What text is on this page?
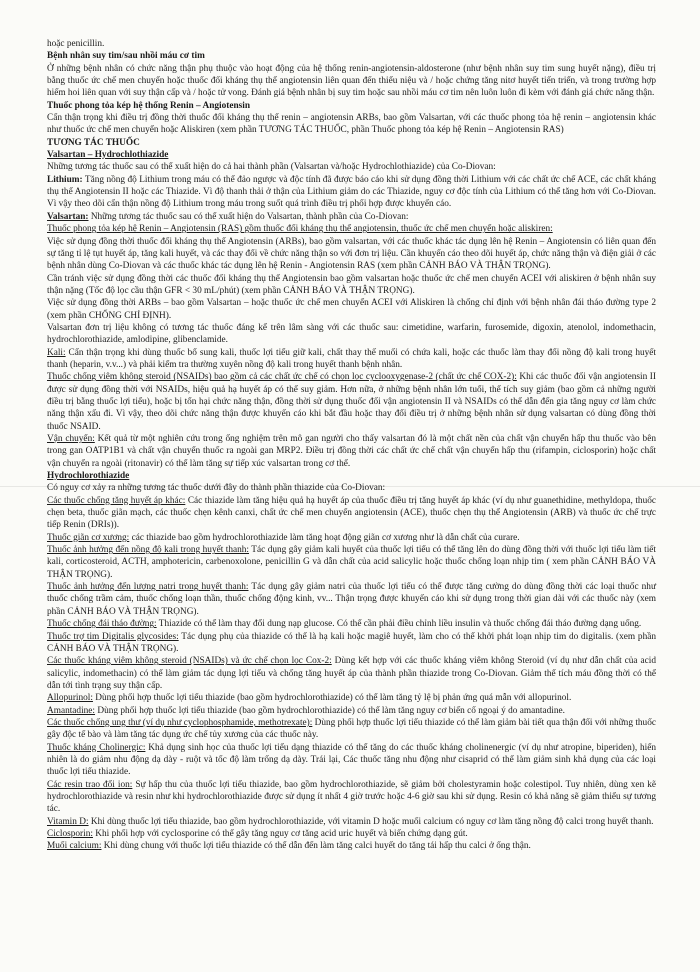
hoặc penicillin.

Bệnh nhân suy tim/sau nhồi máu cơ tim

Ở những bệnh nhân có chức năng thận phụ thuộc vào hoạt động của hệ thống renin-angiotensin-aldosterone (như bệnh nhân suy tim sung huyết nặng), điều trị bằng thuốc ức chế men chuyển hoặc thuốc đối kháng thụ thể angiotensin liên quan đến thiểu niệu và / hoặc chứng tăng nitơ huyết tiến triển, và trong trường hợp hiếm hoi liên quan với suy thận cấp và / hoặc tử vong. Đánh giá bệnh nhân bị suy tim hoặc sau nhồi máu cơ tim nên luôn luôn đi kèm với đánh giá chức năng thận.

Thuốc phong tỏa kép hệ thống Renin – Angiotensin

Cẩn thận trọng khi điều trị đồng thời thuốc đối kháng thụ thể renin – angiotensin ARBs, bao gồm Valsartan, với các thuốc phong tỏa hệ renin – angiotensin khác như thuốc ức chế men chuyển hoặc Aliskiren (xem phần TƯƠNG TÁC THUỐC, phần Thuốc phong tỏa kép hệ Renin – Angiotensin RAS)

TƯƠNG TÁC THUỐC

Valsartan – Hydrochlothiazide

Những tương tác thuốc sau có thể xuất hiện do cả hai thành phần (Valsartan và/hoặc Hydrochlothiazide) của Co-Diovan:

Lithium: Tăng nồng độ Lithium trong máu có thể đảo ngược và độc tính đã được báo cáo khi sử dụng đồng thời Lithium với các chất ức chế ACE, các chất kháng thụ thể Angiotensin II hoặc các Thiazide. Vì độ thanh thải ở thận của Lithium giảm do các Thiazide, nguy cơ độc tính của Lithium có thể tăng hơn với Co-Diovan. Vì vậy theo dõi cẩn thận nồng độ Lithium trong máu trong suốt quá trình điều trị phối hợp được khuyến cáo.

Valsartan: Những tương tác thuốc sau có thể xuất hiện do Valsartan, thành phần của Co-Diovan:

Thuốc phong tỏa kép hệ Renin – Angiotensin (RAS) gồm thuốc đối kháng thụ thể angiotensin, thuốc ức chế men chuyển hoặc aliskiren:

Việc sử dụng đồng thời thuốc đối kháng thụ thể Angiotensin (ARBs), bao gồm valsartan, với các thuốc khác tác dụng lên hệ Renin – Angiotensin có liên quan đến sự tăng tỉ lệ tụt huyết áp, tăng kali huyết, và các thay đổi về chức năng thận so với đơn trị liệu. Cần khuyến cáo theo dõi huyết áp, chức năng thận và điện giải ở các bệnh nhân dùng Co-Diovan và các thuốc khác tác dụng lên hệ Renin - Angiotensin RAS (xem phần CẢNH BÁO VÀ THẬN TRỌNG).

Cần tránh việc sử dụng đồng thời các thuốc đối kháng thụ thể Angiotensin bao gồm valsartan hoặc thuốc ức chế men chuyển ACEI với aliskiren ở bệnh nhân suy thận nặng (Tốc độ lọc cầu thận GFR < 30 mL/phút) (xem phần CẢNH BÁO VÀ THẬN TRỌNG).

Việc sử dụng đồng thời ARBs – bao gồm Valsartan – hoặc thuốc ức chế men chuyển ACEI với Aliskiren là chống chỉ định với bệnh nhân đái tháo đường type 2 (xem phần CHỐNG CHỈ ĐỊNH).

Valsartan đơn trị liệu không có tương tác thuốc đáng kể trên lâm sàng với các thuốc sau: cimetidine, warfarin, furosemide, digoxin, atenolol, indomethacin, hydrochlorothiazide, amlodipine, glibenclamide.

Kali: Cẩn thận trọng khi dùng thuốc bổ sung kali, thuốc lợi tiểu giữ kali, chất thay thế muối có chứa kali, hoặc các thuốc làm thay đổi nồng độ kali trong huyết thanh (heparin, v.v...) và phải kiểm tra thường xuyên nồng độ kali trong huyết thanh bệnh nhân.

Thuốc chống viêm không steroid (NSAIDs) bao gồm cả các chất ức chế có chọn lọc cyclooxygenase-2 (chất ức chế COX-2): Khi các thuốc đối vận angiotensin II được sử dụng đồng thời với NSAIDs, hiệu quả hạ huyết áp có thể suy giảm. Hơn nữa, ở những bệnh nhân lớn tuổi, thể tích suy giảm (bao gồm cả những người điều trị bằng thuốc lợi tiểu), hoặc bị tổn hại chức năng thận, đồng thời sử dụng thuốc đối vận angiotensin II và NSAIDs có thể dẫn đến gia tăng nguy cơ làm chức năng thận xấu đi. Vì vậy, theo dõi chức năng thận được khuyến cáo khi bắt đầu hoặc thay đổi điều trị ở những bệnh nhân sử dụng valsartan có dùng đồng thời thuốc NSAID.

Vận chuyển: Kết quả từ một nghiên cứu trong ống nghiệm trên mô gan người cho thấy valsartan đó là một chất nền của chất vận chuyển hấp thu thuốc vào bên trong gan OATP1B1 và chất vận chuyển thuốc ra ngoài gan MRP2. Điều trị đồng thời các chất ức chế chất vận chuyển hấp thu (rifampin, ciclosporin) hoặc chất vận chuyển ra ngoài (ritonavir) có thể làm tăng sự tiếp xúc valsartan trong cơ thể.

Hydrochlorothiazide

Có nguy cơ xảy ra những tương tác thuốc dưới đây do thành phần thiazide của Co-Diovan:

Các thuốc chống tăng huyết áp khác: Các thiazide làm tăng hiệu quả hạ huyết áp của thuốc điều trị tăng huyết áp khác (ví dụ như guanethidine, methyldopa, thuốc chẹn beta, thuốc giãn mạch, các thuốc chẹn kênh canxi, chất ức chế men chuyển angiotensin (ACE), thuốc chẹn thụ thể Angiotensin (ARB) và thuốc ức chế trực tiếp Renin (DRIs)).

Thuốc giãn cơ xương: các thiazide bao gồm hydrochlorothiazide làm tăng hoạt động giãn cơ xương như là dẫn chất của curare.

Thuốc ảnh hưởng đến nồng độ kali trong huyết thanh: Tác dụng gây giảm kali huyết của thuốc lợi tiểu có thể tăng lên do dùng đồng thời với thuốc lợi tiểu làm tiết kali, corticosteroid, ACTH, amphotericin, carbenoxolone, penicillin G và dẫn chất của acid salicylic hoặc thuốc chống loạn nhịp tim ( xem phần CẢNH BÁO VÀ THẬN TRỌNG).

Thuốc ảnh hưởng đến lượng natri trong huyết thanh: Tác dụng gây giảm natri của thuốc lợi tiểu có thể được tăng cường do dùng đồng thời các loại thuốc như thuốc chống trầm cảm, thuốc chống loạn thần, thuốc chống động kinh, vv... Thận trọng được khuyến cáo khi sử dụng trong thời gian dài với các thuốc này (xem phần CẢNH BÁO VÀ THẬN TRỌNG).

Thuốc chống đái tháo đường: Thiazide có thể làm thay đổi dung nạp glucose. Có thể cần phải điều chỉnh liều insulin và thuốc chống đái tháo đường dạng uống.

Thuốc trợ tim Digitalis glycosides: Tác dụng phụ của thiazide có thể là hạ kali hoặc magiê huyết, làm cho có thể khởi phát loạn nhịp tim do digitalis. (xem phần CẢNH BÁO VÀ THẬN TRỌNG).

Các thuốc kháng viêm không steroid (NSAIDs) và ức chế chọn lọc Cox-2: Dùng kết hợp với các thuốc kháng viêm không Steroid (ví dụ như dẫn chất của acid salicylic, indomethacin) có thể làm giảm tác dụng lợi tiểu và chống tăng huyết áp của thành phần thiazide trong Co-Diovan. Giảm thể tích máu đồng thời có thể dẫn tới tình trạng suy thận cấp.

Allopurinol: Dùng phối hợp thuốc lợi tiểu thiazide (bao gồm hydrochlorothiazide) có thể làm tăng tỷ lệ bị phản ứng quá mẫn với allopurinol.

Amantadine: Dùng phối hợp thuốc lợi tiểu thiazide (bao gồm hydrochlorothiazide) có thể làm tăng nguy cơ biến cố ngoại ý do amantadine.

Các thuốc chống ung thư (ví dụ như cyclophosphamide, methotrexate): Dùng phối hợp thuốc lợi tiểu thiazide có thể làm giảm bài tiết qua thận đối với những thuốc gây độc tế bào và làm tăng tác dụng ức chế tủy xương của các thuốc này.

Thuốc kháng Cholinergic: Khả dụng sinh học của thuốc lợi tiểu dạng thiazide có thể tăng do các thuốc kháng cholinenergic (ví dụ như atropine, biperiden), hiển nhiên là do giảm nhu động dạ dày - ruột và tốc độ làm trống dạ dày. Trái lại, Các thuốc tăng nhu động như cisaprid có thể làm giảm sinh khả dụng của các loại thuốc lợi tiểu thiazide.

Các resin trao đổi ion: Sự hấp thu của thuốc lợi tiểu thiazide, bao gồm hydrochlorothiazide, sẽ giảm bởi cholestyramin hoặc colestipol. Tuy nhiên, dùng xen kẽ hydrochlorothiazide và resin như khi hydrochlorothiazide được sử dụng ít nhất 4 giờ trước hoặc 4-6 giờ sau khi sử dụng. Resin có khả năng sẽ giảm thiểu sự tương tác.

Vitamin D: Khi dùng thuốc lợi tiểu thiazide, bao gồm hydrochlorothiazide, với vitamin D hoặc muối calcium có nguy cơ làm tăng nồng độ calci trong huyết thanh.

Ciclosporin: Khi phối hợp với cyclosporine có thể gây tăng nguy cơ tăng acid uric huyết và biến chứng dạng gút.

Muối calcium: Khi dùng chung với thuốc lợi tiểu thiazide có thể dẫn đến làm tăng calci huyết do tăng tái hấp thu calci ở ống thận.
